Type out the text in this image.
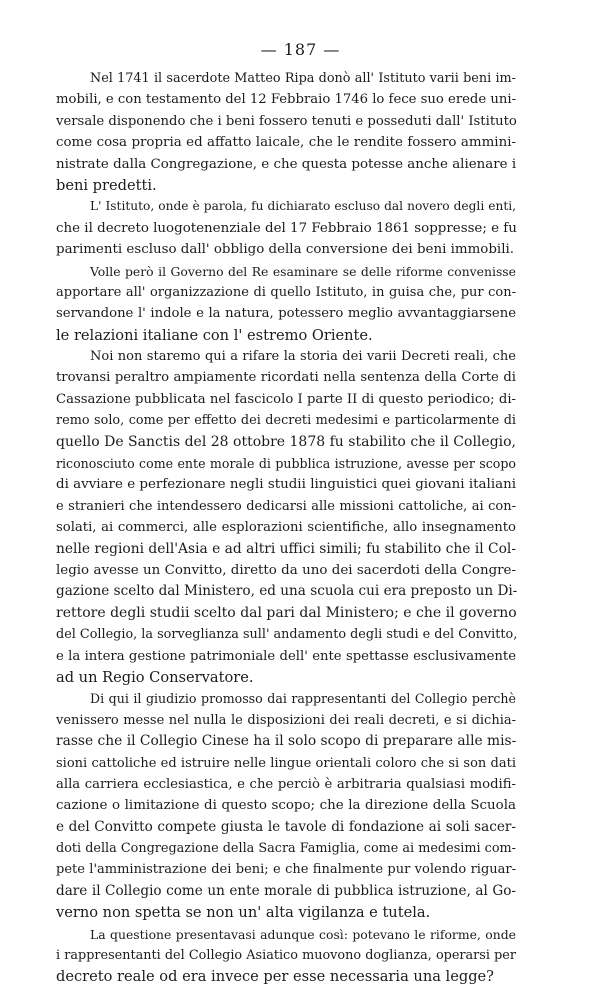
— 187 —
Nel 1741 il sacerdote Matteo Ripa donò all' Istituto varii beni im-
mobili, e con testamento del 12 Febbraio 1746 lo fece suo erede uni-
versale disponendo che i beni fossero tenuti e posseduti dall' Istituto
come cosa propria ed affatto laicale, che le rendite fossero ammini-
nistrate dalla Congregazione, e che questa potesse anche alienare i
beni predetti.
L' Istituto, onde è parola, fu dichiarato escluso dal novero degli enti,
che il decreto luogotenenziale del 17 Febbraio 1861 soppresse; e fu
parimenti escluso dall' obbligo della conversione dei beni immobili.
Volle però il Governo del Re esaminare se delle riforme convenisse
apportare all' organizzazione di quello Istituto, in guisa che, pur con-
servandone l' indole e la natura, potessero meglio avvantaggiarsene
le relazioni italiane con l' estremo Oriente.
Noi non staremo qui a rifare la storia dei varii Decreti reali, che
trovansi peraltro ampiamente ricordati nella sentenza della Corte di
Cassazione pubblicata nel fascicolo I parte II di questo periodico; di-
remo solo, come per effetto dei decreti medesimi e particolarmente di
quello De Sanctis del 28 ottobre 1878 fu stabilito che il Collegio,
riconosciuto come ente morale di pubblica istruzione, avesse per scopo
di avviare e perfezionare negli studii linguistici quei giovani italiani
e stranieri che intendessero dedicarsi alle missioni cattoliche, ai con-
solati, ai commerci, alle esplorazioni scientifiche, allo insegnamento
nelle regioni dell'Asia e ad altri uffici simili; fu stabilito che il Col-
legio avesse un Convitto, diretto da uno dei sacerdoti della Congre-
gazione scelto dal Ministero, ed una scuola cui era preposto un Di-
rettore degli studii scelto dal pari dal Ministero; e che il governo
del Collegio, la sorveglianza sull' andamento degli studi e del Convitto,
e la intera gestione patrimoniale dell' ente spettasse esclusivamente
ad un Regio Conservatore.
Di qui il giudizio promosso dai rappresentanti del Collegio perchè
venissero messe nel nulla le disposizioni dei reali decreti, e si dichia-
rasse che il Collegio Cinese ha il solo scopo di preparare alle mis-
sioni cattoliche ed istruire nelle lingue orientali coloro che si son dati
alla carriera ecclesiastica, e che perciò è arbitraria qualsiasi modifi-
cazione o limitazione di questo scopo; che la direzione della Scuola
e del Convitto compete giusta le tavole di fondazione ai soli sacer-
doti della Congregazione della Sacra Famiglia, come ai medesimi com-
pete l'amministrazione dei beni; e che finalmente pur volendo riguar-
dare il Collegio come un ente morale di pubblica istruzione, al Go-
verno non spetta se non un' alta vigilanza e tutela.
La questione presentavasi adunque così: potevano le riforme, onde
i rappresentanti del Collegio Asiatico muovono doglianza, operarsi per
decreto reale od era invece per esse necessaria una legge?
